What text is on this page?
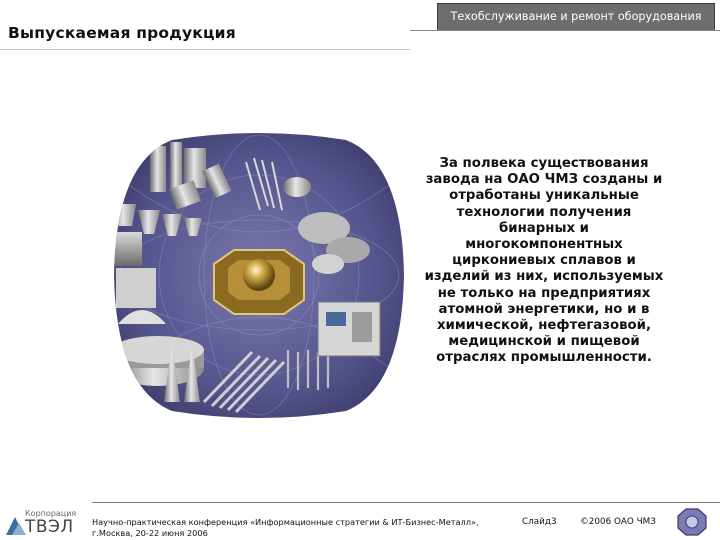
Выпускаемая продукция
Техобслуживание и ремонт оборудования
За полвека существования
завода на ОАО ЧМЗ созданы и
отработаны уникальные
технологии получения
бинарных и
многокомпонентных
циркониевых сплавов и
изделий из них, используемых
не только на предприятиях
атомной энергетики, но и в
химической, нефтегазовой,
медицинской и пищевой
отраслях промышленности.
Корпорация
ТВЭЛ Научно-практическая конференция «Информационные стратегии & ИТ-Бизнес-Металл»,
г.Москва, 20-22 июня 2006
Слайд3	©2006 ОАО ЧМЗ
